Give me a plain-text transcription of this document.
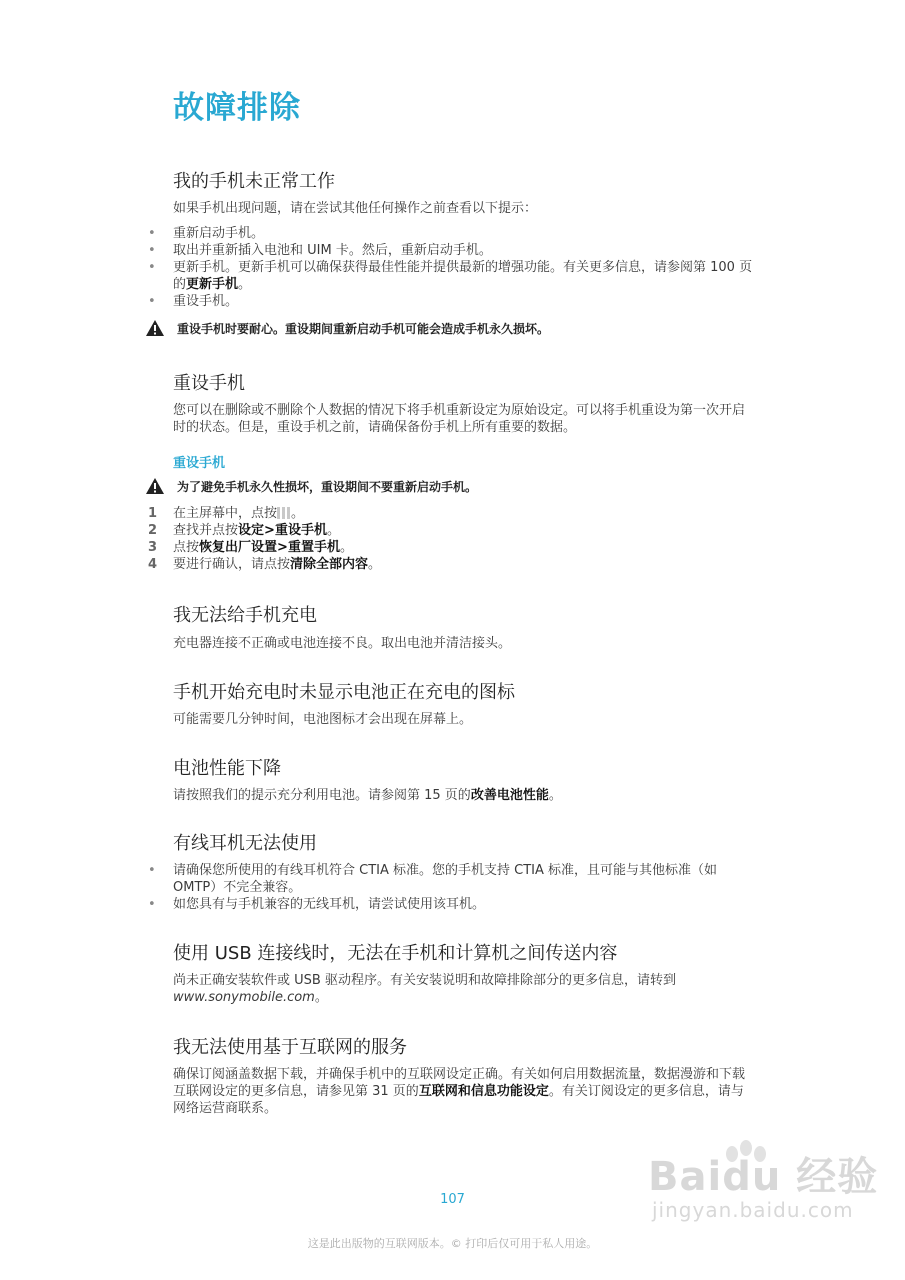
故障排除
我的手机未正常工作
如果手机出现问题，请在尝试其他任何操作之前查看以下提示：
• 重新启动手机。
• 取出并重新插入电池和 UIM 卡。然后，重新启动手机。
• 更新手机。更新手机可以确保获得最佳性能并提供最新的增强功能。有关更多信息，请参阅第 100 页的更新手机。
• 重设手机。
重设手机时要耐心。重设期间重新启动手机可能会造成手机永久损坏。
重设手机
您可以在删除或不删除个人数据的情况下将手机重新设定为原始设定。可以将手机重设为第一次开启时的状态。但是，重设手机之前，请确保备份手机上所有重要的数据。
重设手机
为了避免手机永久性损坏，重设期间不要重新启动手机。
1 在主屏幕中，点按 。
2 查找并点按设定>重设手机。
3 点按恢复出厂设置>重置手机。
4 要进行确认，请点按清除全部内容。
我无法给手机充电
充电器连接不正确或电池连接不良。取出电池并清洁接头。
手机开始充电时未显示电池正在充电的图标
可能需要几分钟时间，电池图标才会出现在屏幕上。
电池性能下降
请按照我们的提示充分利用电池。请参阅第 15 页的改善电池性能。
有线耳机无法使用
• 请确保您所使用的有线耳机符合 CTIA 标准。您的手机支持 CTIA 标准，且可能与其他标准（如 OMTP）不完全兼容。
• 如您具有与手机兼容的无线耳机，请尝试使用该耳机。
使用 USB 连接线时，无法在手机和计算机之间传送内容
尚未正确安装软件或 USB 驱动程序。有关安装说明和故障排除部分的更多信息，请转到 www.sonymobile.com。
我无法使用基于互联网的服务
确保订阅涵盖数据下载，并确保手机中的互联网设定正确。有关如何启用数据流量，数据漫游和下载互联网设定的更多信息，请参见第 31 页的互联网和信息功能设定。有关订阅设定的更多信息，请与网络运营商联系。
107
这是此出版物的互联网版本。© 打印后仅可用于私人用途。
Baidu 经验
jingyan.baidu.com
